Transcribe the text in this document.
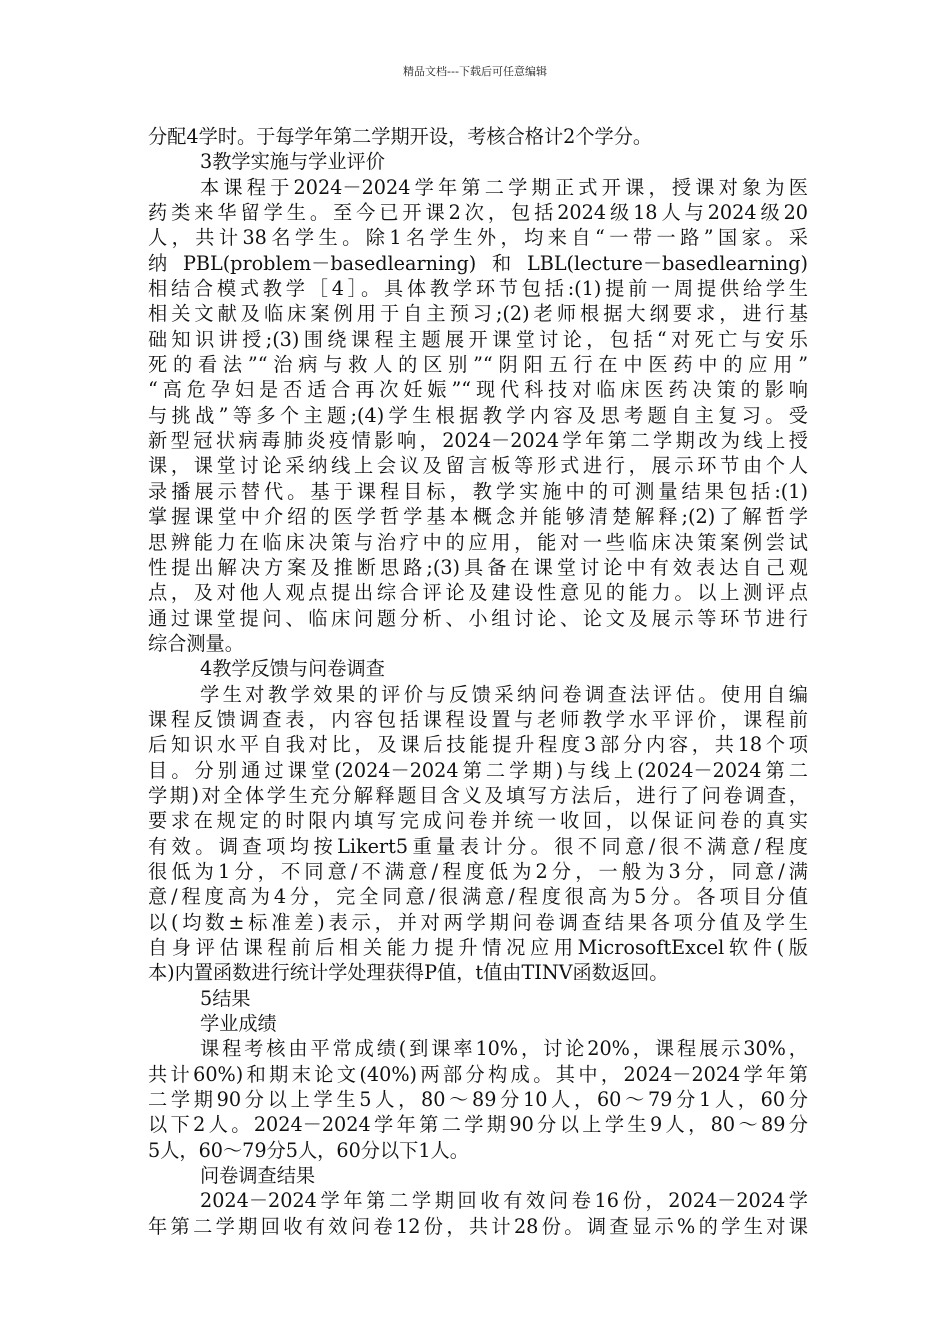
精品文档---下载后可任意编辑
分配4学时。于每学年第二学期开设，考核合格计2个学分。
3教学实施与学业评价
本课程于2024－2024学年第二学期正式开课，授课对象为医
药类来华留学生。至今已开课2次，包括2024级18人与2024级20
人，共计38名学生。除1名学生外，均来自“一带一路”国家。采
纳PBL(problem－basedlearning)和LBL(lecture－basedlearning)
相结合模式教学［4］。具体教学环节包括:(1)提前一周提供给学生
相关文献及临床案例用于自主预习;(2)老师根据大纲要求，进行基
础知识讲授;(3)围绕课程主题展开课堂讨论，包括“对死亡与安乐
死的看法”“治病与救人的区别”“阴阳五行在中医药中的应用”
“高危孕妇是否适合再次妊娠”“现代科技对临床医药决策的影响
与挑战”等多个主题;(4)学生根据教学内容及思考题自主复习。受
新型冠状病毒肺炎疫情影响，2024－2024学年第二学期改为线上授
课，课堂讨论采纳线上会议及留言板等形式进行，展示环节由个人
录播展示替代。基于课程目标，教学实施中的可测量结果包括:(1)
掌握课堂中介绍的医学哲学基本概念并能够清楚解释;(2)了解哲学
思辨能力在临床决策与治疗中的应用，能对一些临床决策案例尝试
性提出解决方案及推断思路;(3)具备在课堂讨论中有效表达自己观
点，及对他人观点提出综合评论及建设性意见的能力。以上测评点
通过课堂提问、临床问题分析、小组讨论、论文及展示等环节进行
综合测量。
4教学反馈与问卷调查
学生对教学效果的评价与反馈采纳问卷调查法评估。使用自编
课程反馈调查表，内容包括课程设置与老师教学水平评价，课程前
后知识水平自我对比，及课后技能提升程度3部分内容，共18个项
目。分别通过课堂(2024－2024第二学期)与线上(2024－2024第二
学期)对全体学生充分解释题目含义及填写方法后，进行了问卷调查，
要求在规定的时限内填写完成问卷并统一收回，以保证问卷的真实
有效。调查项均按Likert5重量表计分。很不同意/很不满意/程度
很低为1分，不同意/不满意/程度低为2分，一般为3分，同意/满
意/程度高为4分，完全同意/很满意/程度很高为5分。各项目分值
以(均数±标准差)表示，并对两学期问卷调查结果各项分值及学生
自身评估课程前后相关能力提升情况应用MicrosoftExcel软件(版
本)内置函数进行统计学处理获得P值，t值由TINV函数返回。
5结果
学业成绩
课程考核由平常成绩(到课率10%，讨论20%，课程展示30%，
共计60%)和期末论文(40%)两部分构成。其中，2024－2024学年第
二学期90分以上学生5人，80～89分10人，60～79分1人，60分
以下2人。2024－2024学年第二学期90分以上学生9人，80～89分
5人，60～79分5人，60分以下1人。
问卷调查结果
2024－2024学年第二学期回收有效问卷16份，2024－2024学
年第二学期回收有效问卷12份，共计28份。调查显示%的学生对课
